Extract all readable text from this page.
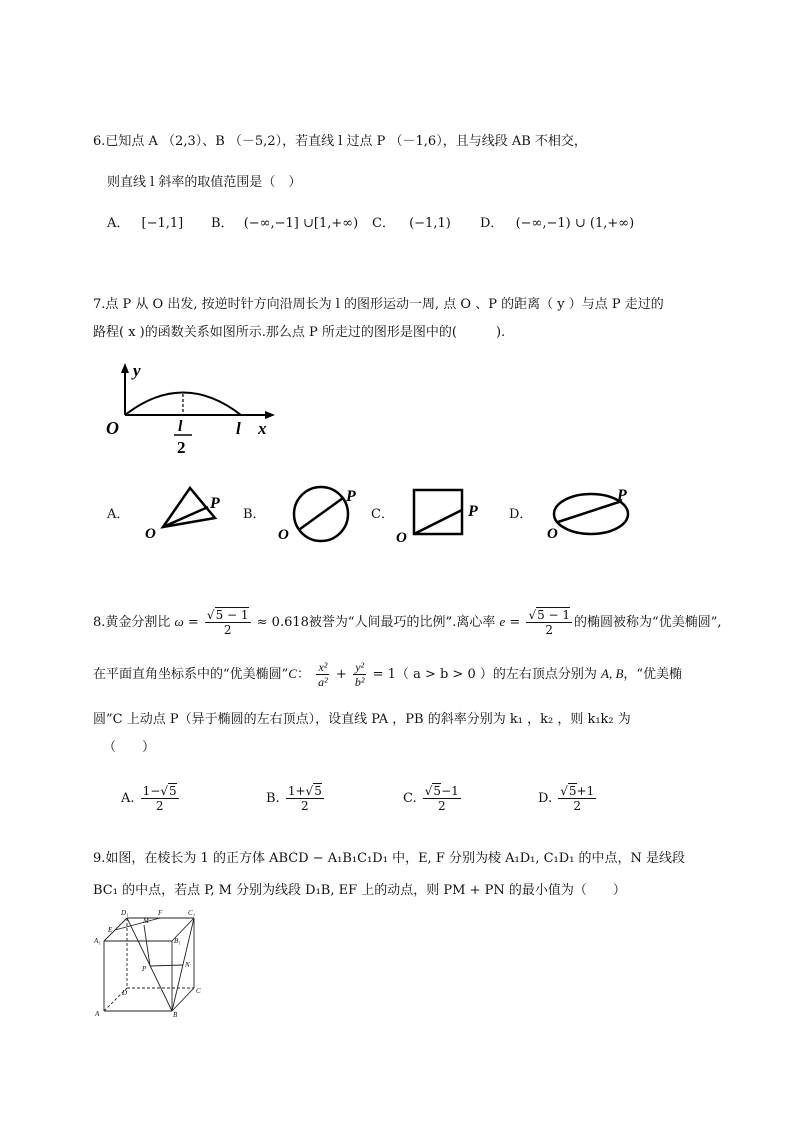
6.已知点 A （2,3）、B （－5,2），若直线 l 过点 P （－1,6），且与线段 AB 不相交，
则直线 l 斜率的取值范围是（　）
A． [−1,1] B． (−∞,−1] ∪[1,+∞) C． (−1,1) D． (−∞,−1) ∪ (1,+∞)
7.点 P 从 O 出发, 按逆时针方向沿周长为 l 的图形运动一周, 点 O 、P 的距离（ y ）与点 P 走过的
路程( x )的函数关系如图所示.那么点 P 所走过的图形是图中的(　　　).
y
O	l
2
l x
A．
O
P
B．
O
P
C．
O
P D．
O
P
8.黄金分割比 $\omega = \frac{√5 - 1}{2} \approx 0.618$被誉为“人间最巧的比例”.离心率 $e = \frac{√5 - 1}{2}$ 的椭圆被称为“优美椭圆”,
在平面直角坐标系中的“优美椭圆”C： $\frac{\text{x²}}{\text{a²}} + \frac{\text{y²}}{\text{b²}} = 1$（ a > b > 0 ）的左右顶点分别为 A, B，“优美椭
圆”C 上动点 P（异于椭圆的左右顶点），设直线 PA ，PB 的斜率分别为 k₁ ，k₂ ，则 k₁k₂ 为
（　　）
A. $\frac{1-√5}{2}$	B. $\frac{1+√5}{2}$	C. $\frac{√5-1}{2}$	D. $\frac{√5+1}{2}$
9.如图，在棱长为 1 的正方体 ABCD − A₁B₁C₁D₁ 中，E, F 分别为棱 A₁D₁, C₁D₁ 的中点，N 是线段
BC₁ 的中点，若点 P, M 分别为线段 D₁B, EF 上的动点，则 PM + PN 的最小值为（　　）
D₁	C₁
A₁	B₁
E
F
M
N
P
D	C
A	B
